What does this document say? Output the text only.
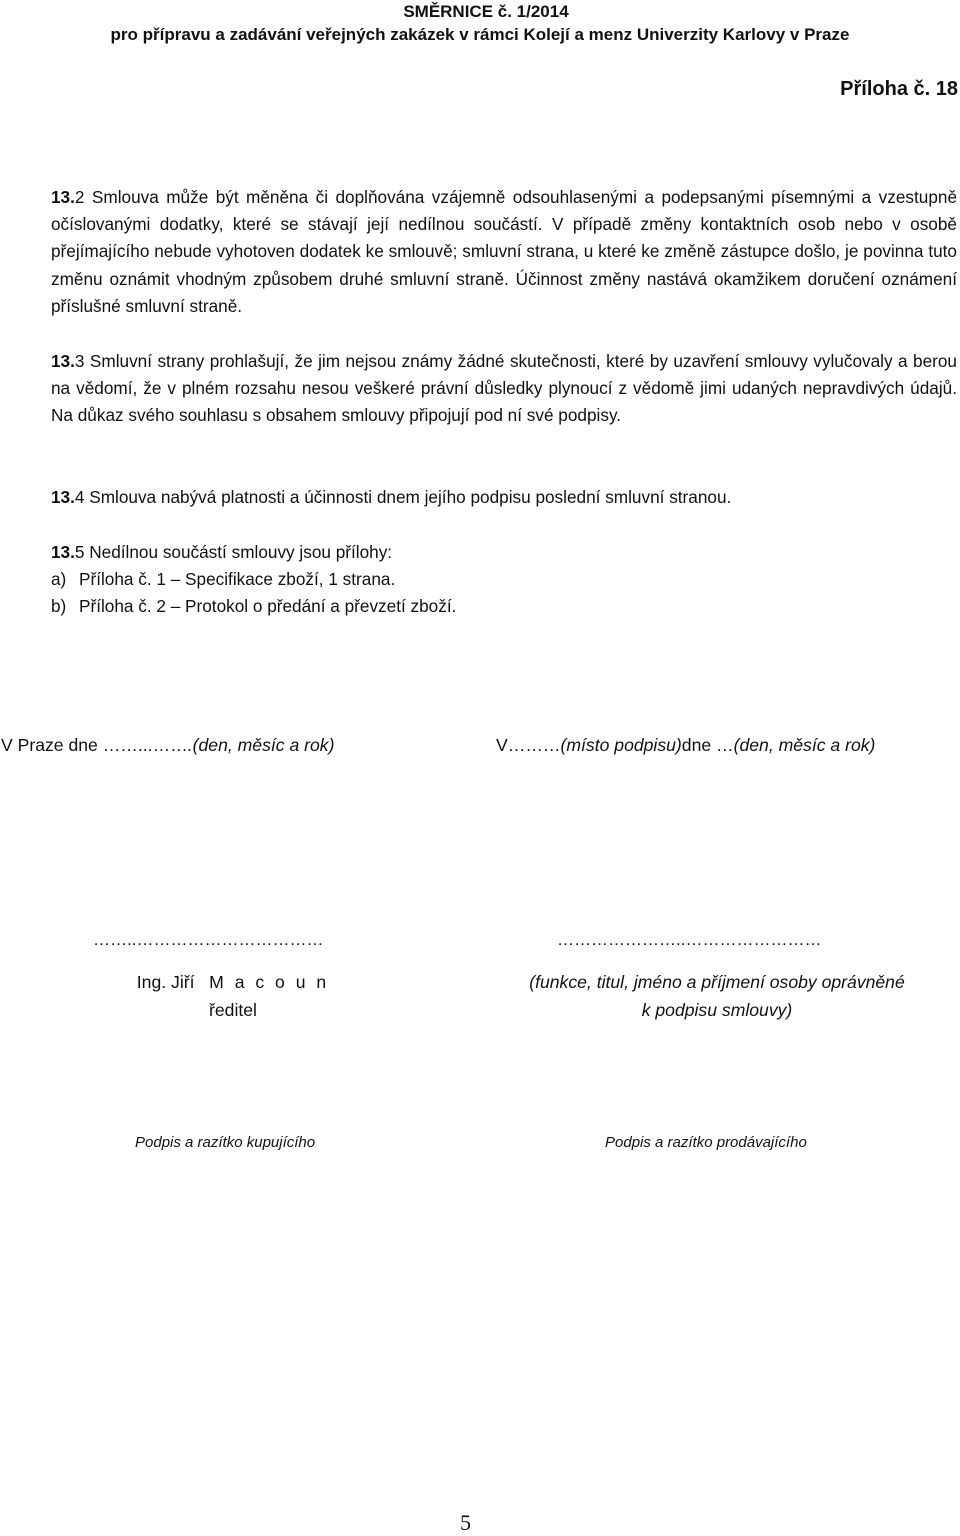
SMĚRNICE č. 1/2014
pro přípravu a zadávání veřejných zakázek v rámci Kolejí a menz Univerzity Karlovy v Praze
Příloha č. 18
13.2 Smlouva může být měněna či doplňována vzájemně odsouhlasenými a podepsanými písemnými a vzestupně očíslovanými dodatky, které se stávají její nedílnou součástí. V případě změny kontaktních osob nebo v osobě přejímajícího nebude vyhotoven dodatek ke smlouvě; smluvní strana, u které ke změně zástupce došlo, je povinna tuto změnu oznámit vhodným způsobem druhé smluvní straně. Účinnost změny nastává okamžikem doručení oznámení příslušné smluvní straně.
13.3 Smluvní strany prohlašují, že jim nejsou známy žádné skutečnosti, které by uzavření smlouvy vylučovaly a berou na vědomí, že v plném rozsahu nesou veškeré právní důsledky plynoucí z vědomě jimi udaných nepravdivých údajů. Na důkaz svého souhlasu s obsahem smlouvy připojují pod ní své podpisy.
13.4 Smlouva nabývá platnosti a účinnosti dnem jejího podpisu poslední smluvní stranou.
13.5 Nedílnou součástí smlouvy jsou přílohy:
a) Příloha č. 1 – Specifikace zboží, 1 strana.
b) Příloha č. 2 – Protokol o předání a převzetí zboží.
V Praze dne ……...…….(den, měsíc a rok)	V………(místo podpisu)dne …(den, měsíc a rok)
……..……………………………	…………………..……………………
Ing. Jiří M a c o u n
ředitel
(funkce, titul, jméno a příjmení osoby oprávněné
k podpisu smlouvy)
Podpis a razítko kupujícího	Podpis a razítko prodávajícího
5
